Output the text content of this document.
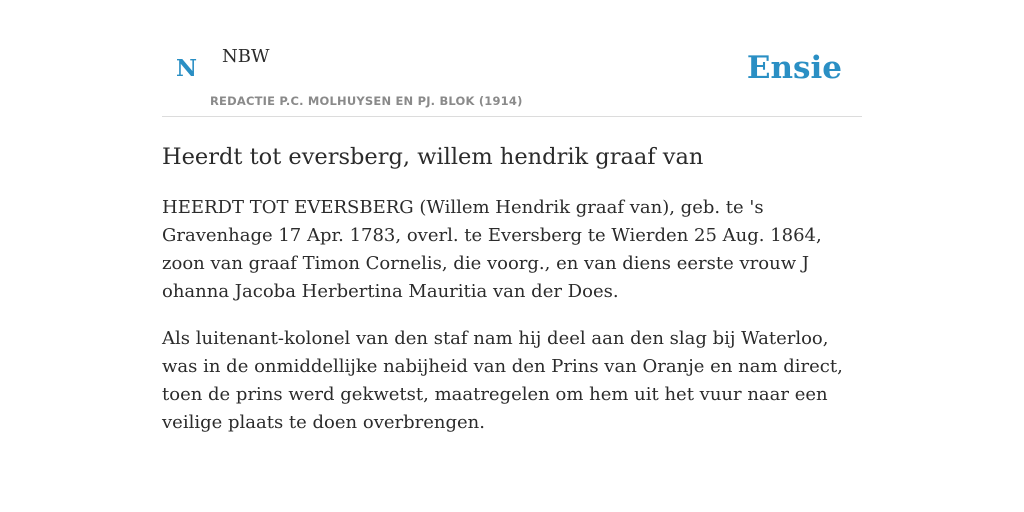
N NBW
REDACTIE P.C. MOLHUYSEN EN PJ. BLOK (1914)
Ensie
Heerdt tot eversberg, willem hendrik graaf van

HEERDT TOT EVERSBERG (Willem Hendrik graaf van), geb. te 's Gravenhage 17 Apr. 1783, overl. te Eversberg te Wierden 25 Aug. 1864, zoon van graaf Timon Cornelis, die voorg., en van diens eerste vrouw J ohanna Jacoba Herbertina Mauritia van der Does.

Als luitenant-kolonel van den staf nam hij deel aan den slag bij Waterloo, was in de onmiddellijke nabijheid van den Prins van Oranje en nam direct, toen de prins werd gekwetst, maatregelen om hem uit het vuur naar een veilige plaats te doen overbrengen.
